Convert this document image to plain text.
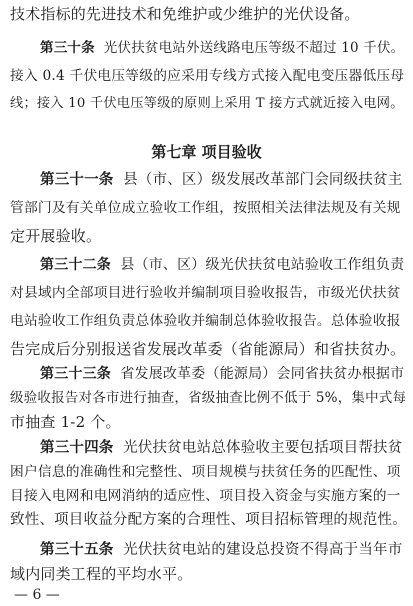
技术指标的先进技术和免维护或少维护的光伏设备。
第三十条 光伏扶贫电站外送线路电压等级不超过 10 千伏。
接入 0.4 千伏电压等级的应采用专线方式接入配电变压器低压母
线；接入 10 千伏电压等级的原则上采用 T 接方式就近接入电网。
第七章 项目验收
第三十一条 县（市、区）级发展改革部门会同级扶贫主
管部门及有关单位成立验收工作组，按照相关法律法规及有关规
定开展验收。
第三十二条 县（市、区）级光伏扶贫电站验收工作组负责
对县域内全部项目进行验收并编制项目验收报告，市级光伏扶贫
电站验收工作组负责总体验收并编制总体验收报告。总体验收报
告完成后分别报送省发展改革委（省能源局）和省扶贫办。
第三十三条 省发展改革委（能源局）会同省扶贫办根据市
级验收报告对各市进行抽查，省级抽查比例不低于 5%，集中式每
市抽查 1-2 个。
第三十四条 光伏扶贫电站总体验收主要包括项目帮扶贫
困户信息的准确性和完整性、项目规模与扶贫任务的匹配性、项
目接入电网和电网消纳的适应性、项目投入资金与实施方案的一
致性、项目收益分配方案的合理性、项目招标管理的规范性。
第三十五条 光伏扶贫电站的建设总投资不得高于当年市
域内同类工程的平均水平。
— 6 —
